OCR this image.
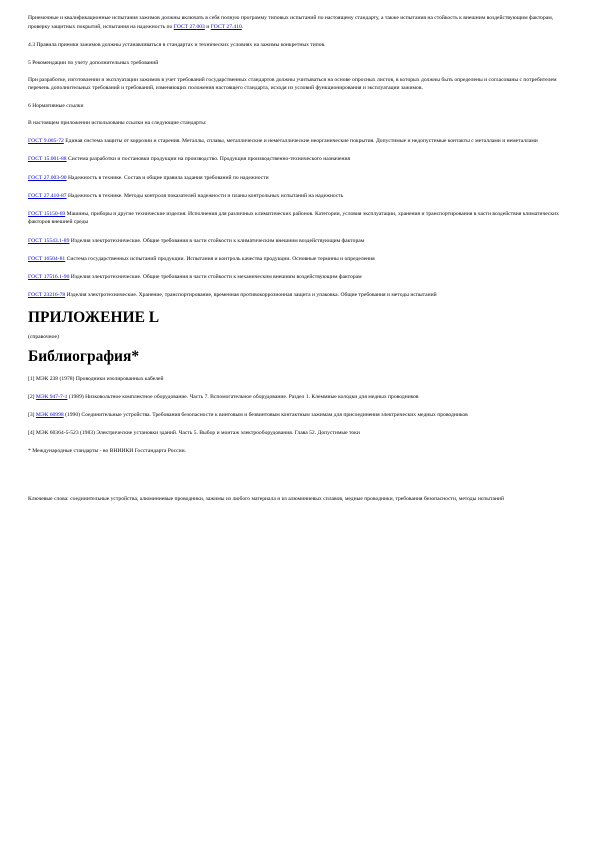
Приемочные и квалификационные испытания зажимов должны включать в себя полную программу типовых испытаний по настоящему стандарту, а также испытания на стойкость к внешним воздействующим факторам, проверку защитных покрытий, испытания на надежность по ГОСТ 27.003 и ГОСТ 27.410.

4.3 Правила приемки зажимов должны устанавливаться в стандартах и технических условиях на зажимы конкретных типов.

5 Рекомендации по учету дополнительных требований

При разработке, изготовлении и эксплуатации зажимов в учет требований государственных стандартов должны учитываться на основе опросных листов, в которых должны быть определены и согласованы с потребителем перечень дополнительных требований и требований, изменяющих положения настоящего стандарта, исходя из условий функционирования и эксплуатации зажимов.

6 Нормативные ссылки

В настоящем приложении использованы ссылки на следующие стандарты:

ГОСТ 9.005-72 Единая система защиты от коррозии и старения. Металлы, сплавы, металлические и неметаллические неорганические покрытия. Допустимые и недопустимые контакты с металлами и неметаллами

ГОСТ 15.001-88 Система разработки и постановки продукции на производство. Продукция производственно-технического назначения

ГОСТ 27.003-90 Надежность в технике. Состав и общие правила задания требований по надежности

ГОСТ 27.410-87 Надежность в технике. Методы контроля показателей надежности и планы контрольных испытаний на надежность

ГОСТ 15150-69 Машины, приборы и другие технические изделия. Исполнения для различных климатических районов. Категории, условия эксплуатации, хранения и транспортирования в части воздействия климатических факторов внешней среды

ГОСТ 15543.1-89 Изделия электротехнические. Общие требования в части стойкости к климатическим внешним воздействующим факторам

ГОСТ 16504-81 Система государственных испытаний продукции. Испытания и контроль качества продукции. Основные термины и определения

ГОСТ 17516.1-90 Изделия электротехнические. Общие требования в части стойкости к механическим внешним воздействующим факторам

ГОСТ 23216-78 Изделия электротехнические. Хранение, транспортирование, временная противокоррозионная защита и упаковка. Общие требования и методы испытаний

ПРИЛОЖЕНИЕ L

(справочное)

Библиография*

[1] МЭК 238 (1978) Проводники изолированных кабелей

[2] МЭК 947-7-1 (1989) Низковольтное комплектное оборудование. Часть 7. Вспомогательное оборудование. Раздел 1. Клеммные колодки для медных проводников

[3] МЭК 60998 (1990) Соединительные устройства. Требования безопасности к винтовым и безвинтовым контактным зажимам для присоединения электрических медных проводников

[4] МЭК 60364-5-523 (1983) Электрические установки зданий. Часть 5. Выбор и монтаж электрооборудования. Глава 52. Допустимые токи

* Международные стандарты - во ВНИИКИ Госстандарта России.

Ключевые слова: соединительные устройства, алюминиевые проводники, зажимы из любого материала и из алюминиевых сплавов, медные проводники, требования безопасности, методы испытаний
